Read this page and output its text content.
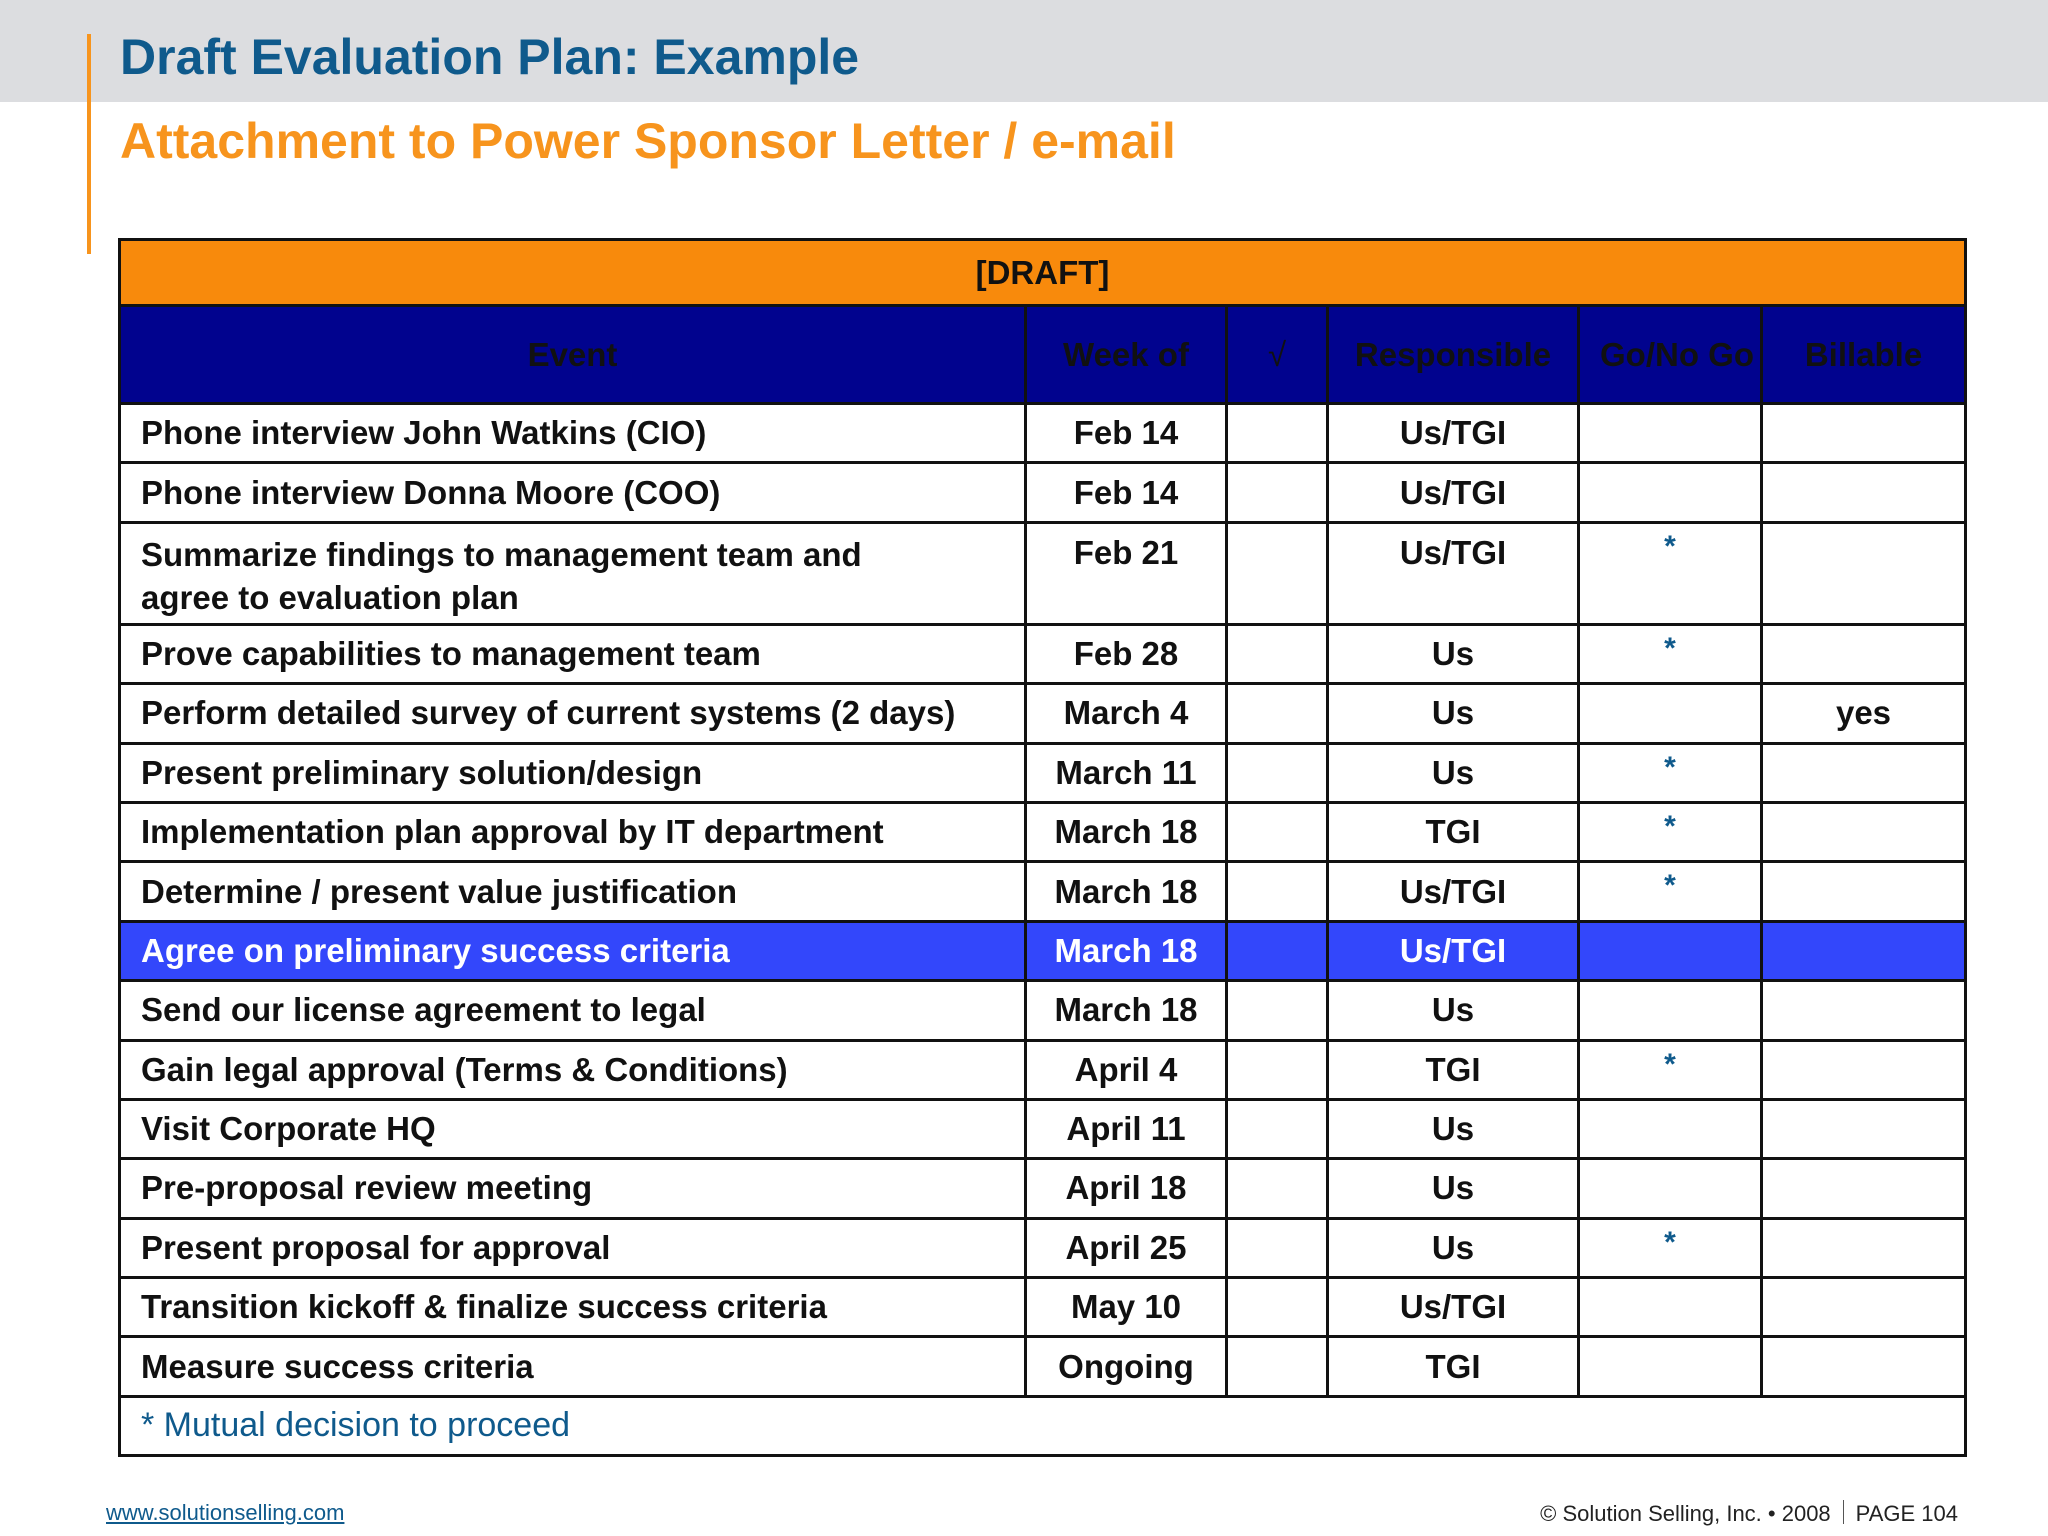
Draft Evaluation Plan: Example
Attachment to Power Sponsor Letter / e-mail
[DRAFT]					
Event	Week of	√	Responsible	Go/No Go	Billable
Phone interview John Watkins (CIO)	Feb 14		Us/TGI		
Phone interview Donna Moore (COO)	Feb 14		Us/TGI		
Summarize findings to management team and agree to evaluation plan	Feb 21		Us/TGI	*	
Prove capabilities to management team	Feb 28		Us	*	
Perform detailed survey of current systems (2 days)	March 4		Us		yes
Present preliminary solution/design	March 11		Us	*	
Implementation plan approval by IT department	March 18		TGI	*	
Determine / present value justification	March 18		Us/TGI	*	
Agree on preliminary success criteria	March 18		Us/TGI		
Send our license agreement to legal	March 18		Us		
Gain legal approval (Terms & Conditions)	April 4		TGI	*	
Visit Corporate HQ	April 11		Us		
Pre-proposal review meeting	April 18		Us		
Present proposal for approval	April 25		Us	*	
Transition kickoff & finalize success criteria	May 10		Us/TGI		
Measure success criteria	Ongoing		TGI		
* Mutual decision to proceed					
www.solutionselling.com	© Solution Selling, Inc. • 2008 PAGE 104
